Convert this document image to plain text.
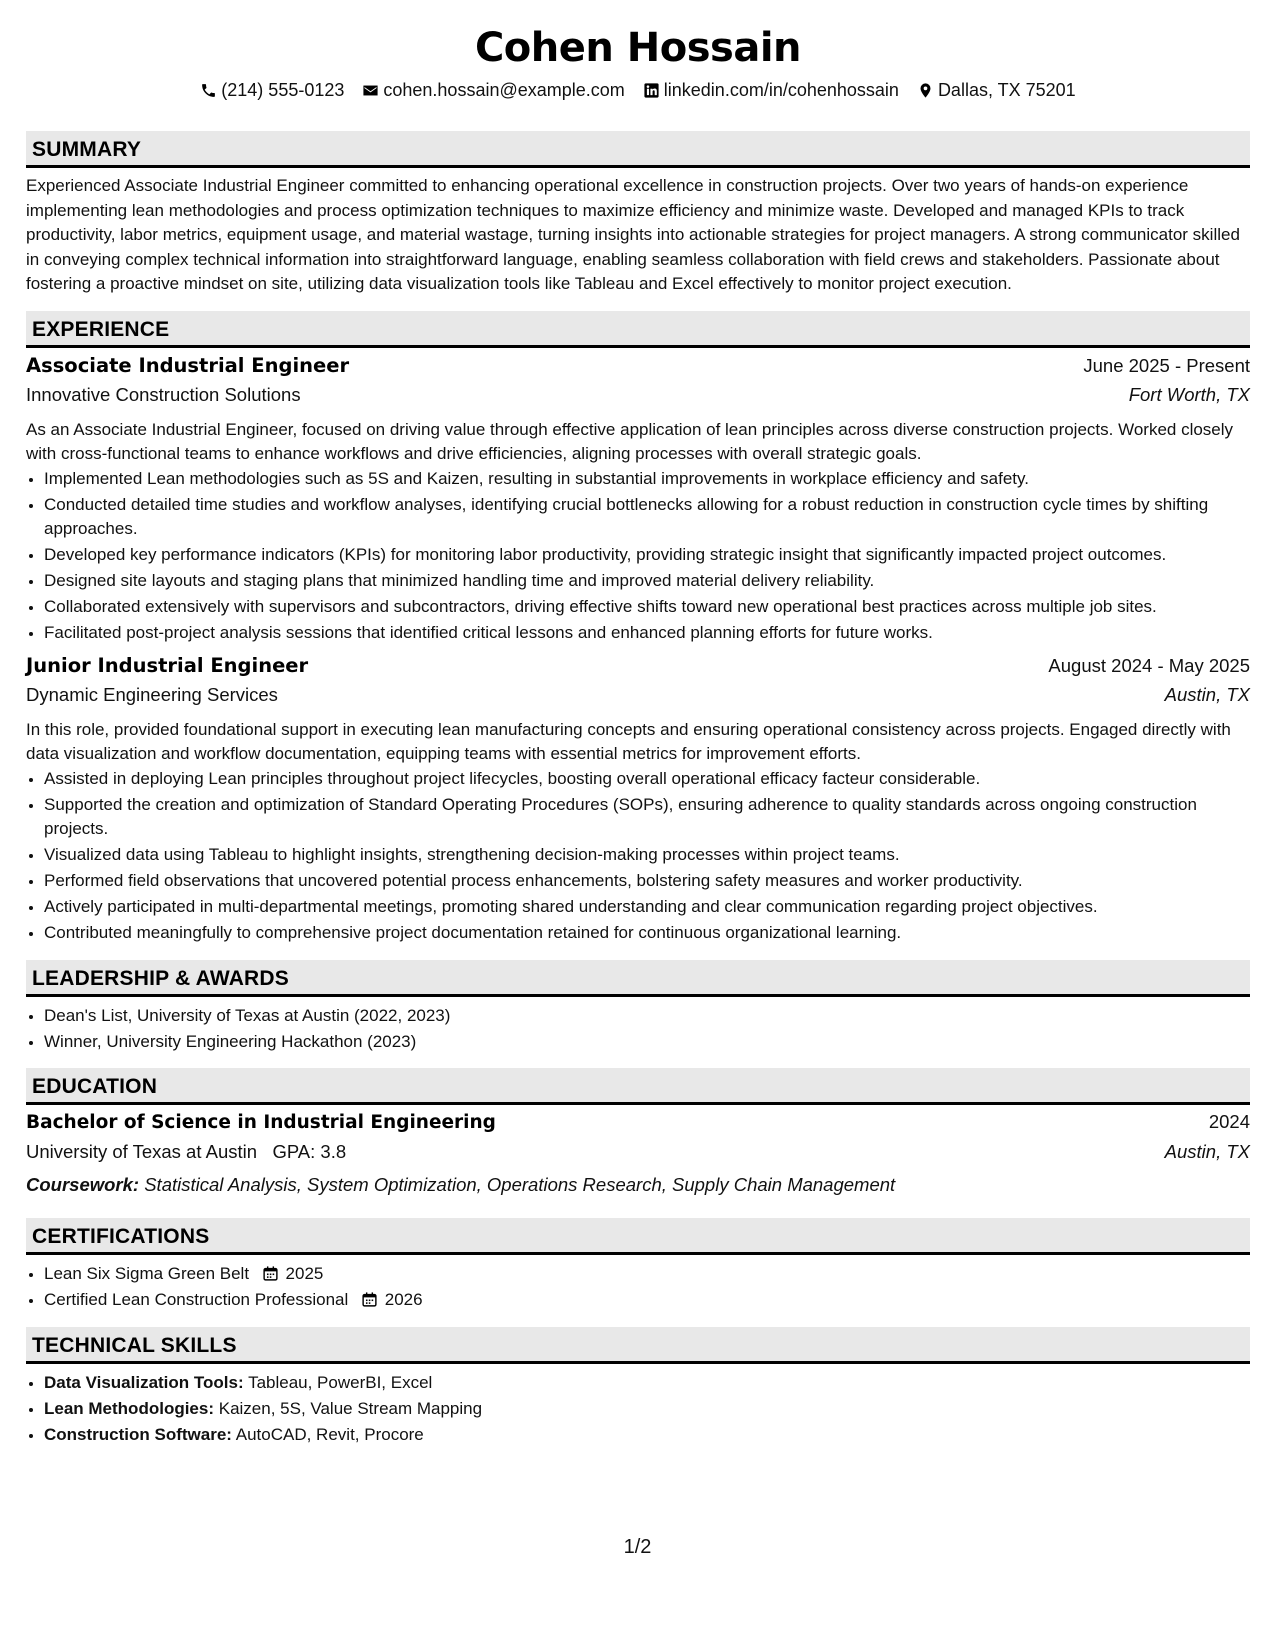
Cohen Hossain
(214) 555-0123 cohen.hossain@example.com linkedin.com/in/cohenhossain Dallas, TX 75201
SUMMARY

Experienced Associate Industrial Engineer committed to enhancing operational excellence in construction projects. Over two years of hands-on experience implementing lean methodologies and process optimization techniques to maximize efficiency and minimize waste. Developed and managed KPIs to track productivity, labor metrics, equipment usage, and material wastage, turning insights into actionable strategies for project managers. A strong communicator skilled in conveying complex technical information into straightforward language, enabling seamless collaboration with field crews and stakeholders. Passionate about fostering a proactive mindset on site, utilizing data visualization tools like Tableau and Excel effectively to monitor project execution.

EXPERIENCE
Associate Industrial Engineer	June 2025 - Present
Innovative Construction Solutions	Fort Worth, TX

As an Associate Industrial Engineer, focused on driving value through effective application of lean principles across diverse construction projects. Worked closely with cross-functional teams to enhance workflows and drive efficiencies, aligning processes with overall strategic goals.

• Implemented Lean methodologies such as 5S and Kaizen, resulting in substantial improvements in workplace efficiency and safety.
• Conducted detailed time studies and workflow analyses, identifying crucial bottlenecks allowing for a robust reduction in construction cycle times by shifting approaches.
• Developed key performance indicators (KPIs) for monitoring labor productivity, providing strategic insight that significantly impacted project outcomes.
• Designed site layouts and staging plans that minimized handling time and improved material delivery reliability.
• Collaborated extensively with supervisors and subcontractors, driving effective shifts toward new operational best practices across multiple job sites.
• Facilitated post-project analysis sessions that identified critical lessons and enhanced planning efforts for future works.
Junior Industrial Engineer	August 2024 - May 2025
Dynamic Engineering Services	Austin, TX

In this role, provided foundational support in executing lean manufacturing concepts and ensuring operational consistency across projects. Engaged directly with data visualization and workflow documentation, equipping teams with essential metrics for improvement efforts.

• Assisted in deploying Lean principles throughout project lifecycles, boosting overall operational efficacy facteur considerable.
• Supported the creation and optimization of Standard Operating Procedures (SOPs), ensuring adherence to quality standards across ongoing construction projects.
• Visualized data using Tableau to highlight insights, strengthening decision-making processes within project teams.
• Performed field observations that uncovered potential process enhancements, bolstering safety measures and worker productivity.
• Actively participated in multi-departmental meetings, promoting shared understanding and clear communication regarding project objectives.
• Contributed meaningfully to comprehensive project documentation retained for continuous organizational learning.
LEADERSHIP & AWARDS
• Dean's List, University of Texas at Austin (2022, 2023)
• Winner, University Engineering Hackathon (2023)
EDUCATION
Bachelor of Science in Industrial Engineering	2024
University of Texas at Austin GPA: 3.8	Austin, TX
Coursework: Statistical Analysis, System Optimization, Operations Research, Supply Chain Management
CERTIFICATIONS
• Lean Six Sigma Green Belt 2025
• Certified Lean Construction Professional 2026
TECHNICAL SKILLS
• Data Visualization Tools: Tableau, PowerBI, Excel
• Lean Methodologies: Kaizen, 5S, Value Stream Mapping
• Construction Software: AutoCAD, Revit, Procore
1/2
